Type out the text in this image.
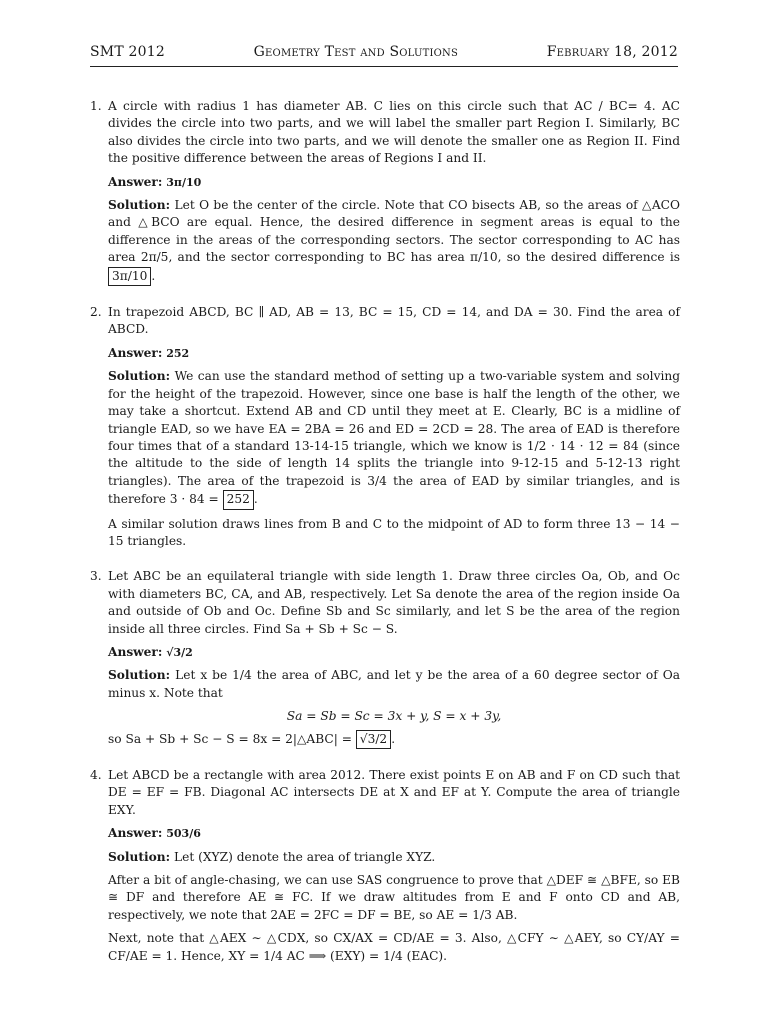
SMT 2012	Geometry Test and Solutions	February 18, 2012
1. A circle with radius 1 has diameter AB. C lies on this circle such that AC / BC= 4. AC divides the circle into two parts, and we will label the smaller part Region I. Similarly, BC also divides the circle into two parts, and we will denote the smaller one as Region II. Find the positive difference between the areas of Regions I and II.

Answer: 3π/10

Solution: Let O be the center of the circle. Note that CO bisects AB, so the areas of △ACO and △BCO are equal. Hence, the desired difference in segment areas is equal to the difference in the areas of the corresponding sectors. The sector corresponding to AC has area 2π/5, and the sector corresponding to BC has area π/10, so the desired difference is 3π/10 .

2. In trapezoid ABCD, BC ∥ AD, AB = 13, BC = 15, CD = 14, and DA = 30. Find the area of ABCD.

Answer: 252

Solution: We can use the standard method of setting up a two-variable system and solving for the height of the trapezoid. However, since one base is half the length of the other, we may take a shortcut. Extend AB and CD until they meet at E. Clearly, BC is a midline of triangle EAD, so we have EA = 2BA = 26 and ED = 2CD = 28. The area of EAD is therefore four times that of a standard 13-14-15 triangle, which we know is 1/2 · 14 · 12 = 84 (since the altitude to the side of length 14 splits the triangle into 9-12-15 and 5-12-13 right triangles). The area of the trapezoid is 3/4 the area of EAD by similar triangles, and is therefore 3 · 84 = 252 .

A similar solution draws lines from B and C to the midpoint of AD to form three 13 − 14 − 15 triangles.

3. Let ABC be an equilateral triangle with side length 1. Draw three circles Oa, Ob, and Oc with diameters BC, CA, and AB, respectively. Let Sa denote the area of the region inside Oa and outside of Ob and Oc. Define Sb and Sc similarly, and let S be the area of the region inside all three circles. Find Sa + Sb + Sc − S.

Answer: √3/2

Solution: Let x be 1/4 the area of ABC, and let y be the area of a 60 degree sector of Oa minus x. Note that

Sa = Sb = Sc = 3x + y, S = x + 3y,

so Sa + Sb + Sc − S = 8x = 2|△ABC| = √3/2 .

4. Let ABCD be a rectangle with area 2012. There exist points E on AB and F on CD such that DE = EF = FB. Diagonal AC intersects DE at X and EF at Y. Compute the area of triangle EXY.

Answer: 503/6

Solution: Let (XYZ) denote the area of triangle XYZ.

After a bit of angle-chasing, we can use SAS congruence to prove that △DEF ≅ △BFE, so EB ≅ DF and therefore AE ≅ FC. If we draw altitudes from E and F onto CD and AB, respectively, we note that 2AE = 2FC = DF = BE, so AE = 1/3 AB.

Next, note that △AEX ∼ △CDX, so CX/AX = CD/AE = 3. Also, △CFY ∼ △AEY, so CY/AY = CF/AE = 1. Hence, XY = 1/4 AC ⟹ (EXY) = 1/4 (EAC).
